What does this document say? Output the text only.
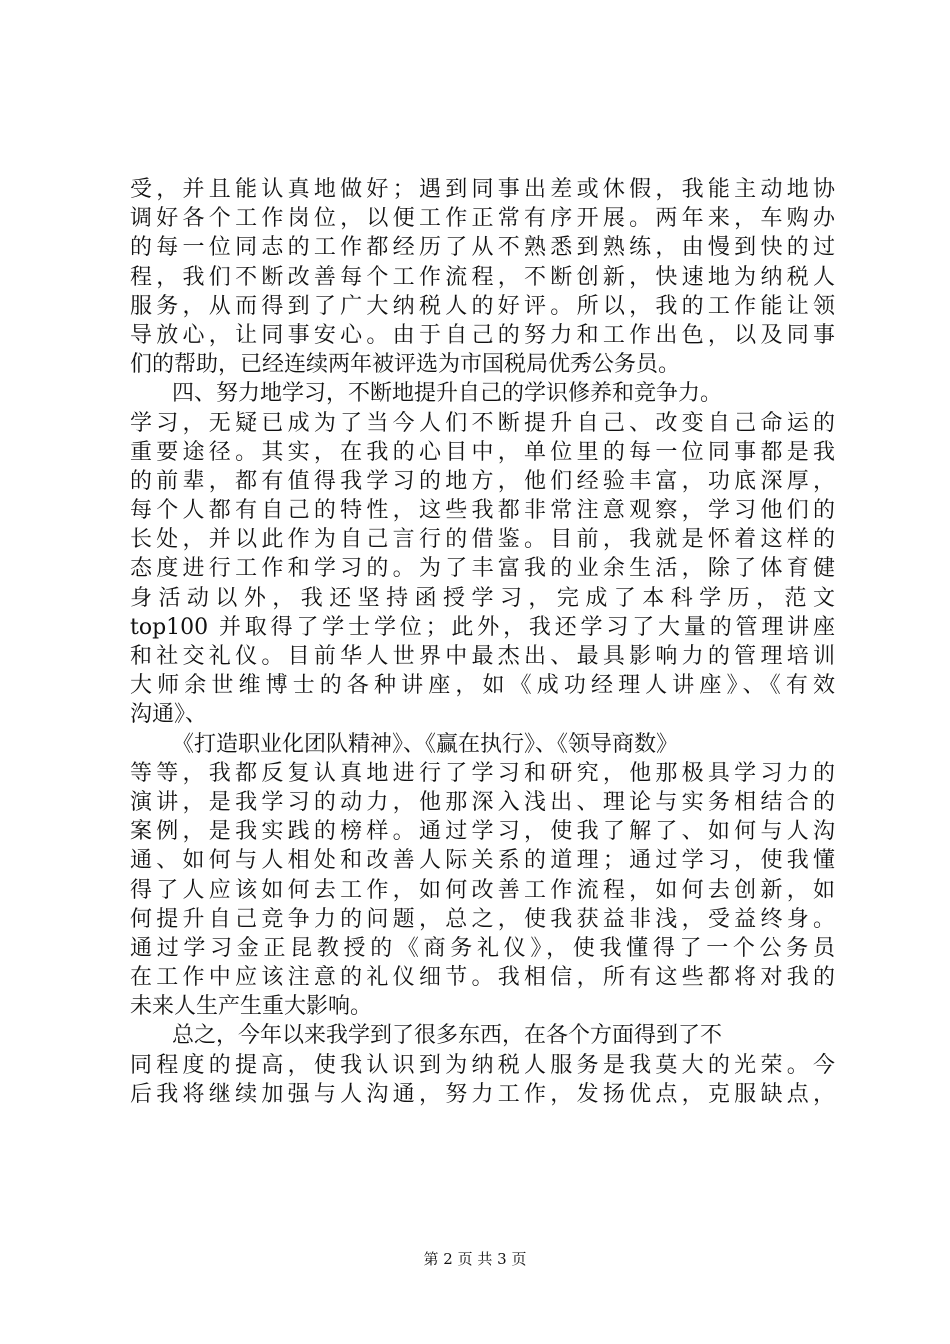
受，并且能认真地做好；遇到同事出差或休假，我能主动地协
调好各个工作岗位，以便工作正常有序开展。两年来，车购办
的每一位同志的工作都经历了从不熟悉到熟练，由慢到快的过
程，我们不断改善每个工作流程，不断创新，快速地为纳税人
服务，从而得到了广大纳税人的好评。所以，我的工作能让领
导放心，让同事安心。由于自己的努力和工作出色，以及同事
们的帮助，已经连续两年被评选为市国税局优秀公务员。
四、努力地学习，不断地提升自己的学识修养和竞争力。
学习，无疑已成为了当今人们不断提升自己、改变自己命运的
重要途径。其实，在我的心目中，单位里的每一位同事都是我
的前辈，都有值得我学习的地方，他们经验丰富，功底深厚，
每个人都有自己的特性，这些我都非常注意观察，学习他们的
长处，并以此作为自己言行的借鉴。目前，我就是怀着这样的
态度进行工作和学习的。为了丰富我的业余生活，除了体育健
身活动以外，我还坚持函授学习，完成了本科学历，范文
top100 并取得了学士学位；此外，我还学习了大量的管理讲座
和社交礼仪。目前华人世界中最杰出、最具影响力的管理培训
大师余世维博士的各种讲座，如《成功经理人讲座》、《有效
沟通》、
《打造职业化团队精神》、《赢在执行》、《领导商数》
等等，我都反复认真地进行了学习和研究，他那极具学习力的
演讲，是我学习的动力，他那深入浅出、理论与实务相结合的
案例，是我实践的榜样。通过学习，使我了解了、如何与人沟
通、如何与人相处和改善人际关系的道理；通过学习，使我懂
得了人应该如何去工作，如何改善工作流程，如何去创新，如
何提升自己竞争力的问题，总之，使我获益非浅，受益终身。
通过学习金正昆教授的《商务礼仪》，使我懂得了一个公务员
在工作中应该注意的礼仪细节。我相信，所有这些都将对我的
未来人生产生重大影响。
总之，今年以来我学到了很多东西，在各个方面得到了不
同程度的提高，使我认识到为纳税人服务是我莫大的光荣。今
后我将继续加强与人沟通，努力工作，发扬优点，克服缺点，
第 2 页 共 3 页
